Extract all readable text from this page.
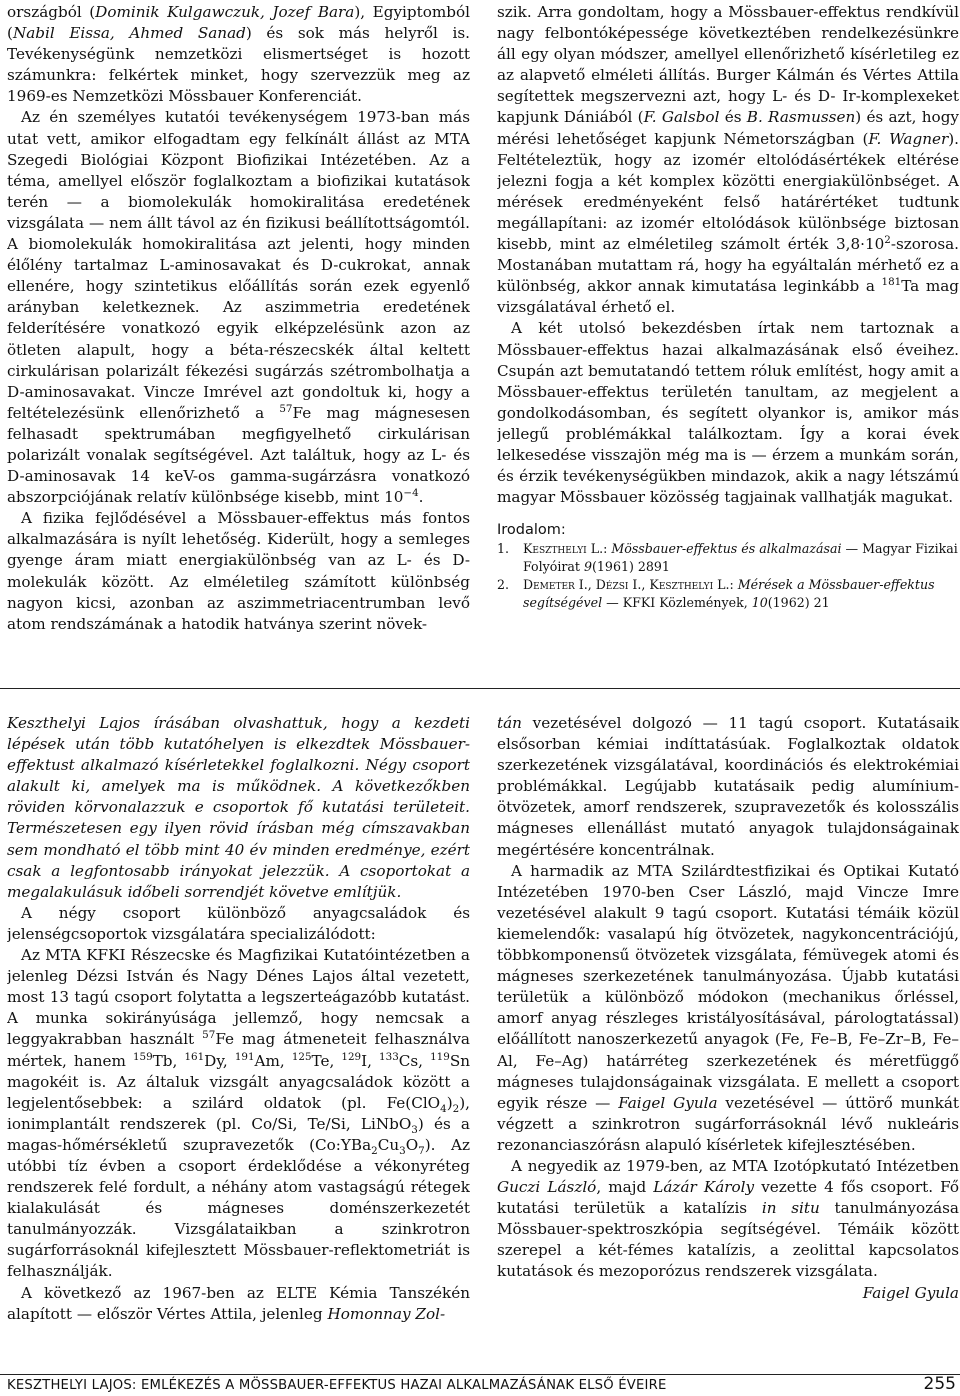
országból (Dominik Kulgawczuk, Jozef Bara), Egyiptomból (Nabil Eissa, Ahmed Sanad) és sok más helyről is. Tevékenységünk nemzetközi elismertséget is hozott számunkra: felkértek minket, hogy szervezzük meg az 1969-es Nemzetközi Mössbauer Konferenciát.

Az én személyes kutatói tevékenységem 1973-ban más utat vett, amikor elfogadtam egy felkínált állást az MTA Szegedi Biológiai Központ Biofizikai Intézetében. Az a téma, amellyel először foglalkoztam a biofizikai kutatások terén — a biomolekulák homokiralitása eredetének vizsgálata — nem állt távol az én fizikusi beállítottságomtól. A biomolekulák homokiralitása azt jelenti, hogy minden élőlény tartalmaz L-aminosavakat és D-cukrokat, annak ellenére, hogy szintetikus előállítás során ezek egyenlő arányban keletkeznek. Az aszimmetria eredetének felderítésére vonatkozó egyik elképzelésünk azon az ötleten alapult, hogy a béta-részecskék által keltett cirkulárisan polarizált fékezési sugárzás szétrombolhatja a D-aminosavakat. Vincze Imrével azt gondoltuk ki, hogy a feltételezésünk ellenőrizhető a $^{57}$Fe mag mágnesesen felhasadt spektrumában megfigyelhető cirkulárisan polarizált vonalak segítségével. Azt találtuk, hogy az L- és D-aminosavak 14 keV-os gamma-sugárzásra vonatkozó abszorpciójának relatív különbsége kisebb, mint $10^{-4}$.

A fizika fejlődésével a Mössbauer-effektus más fontos alkalmazására is nyílt lehetőség. Kiderült, hogy a semleges gyenge áram miatt energiakülönbség van az L- és D-molekulák között. Az elméletileg számított különbség nagyon kicsi, azonban az aszimmetriacentrumban levő atom rendszámának a hatodik hatványa szerint növek-

szik. Arra gondoltam, hogy a Mössbauer-effektus rendkívül nagy felbontóképessége következtében rendelkezésünkre áll egy olyan módszer, amellyel ellenőrizhető kísérletileg ez az alapvető elméleti állítás. Burger Kálmán és Vértes Attila segítettek megszervezni azt, hogy L- és D- Ir-komplexeket kapjunk Dániából (F. Galsbol és B. Rasmussen) és azt, hogy mérési lehetőséget kapjunk Németországban (F. Wagner). Feltételeztük, hogy az izomér eltolódásértékek eltérése jelezni fogja a két komplex közötti energiakülönbséget. A mérések eredményeként felső határértéket tudtunk megállapítani: az izomér eltolódások különbsége biztosan kisebb, mint az elméletileg számolt érték $3,8\cdot 10^2$-szorosa. Mostanában mutattam rá, hogy ha egyáltalán mérhető ez a különbség, akkor annak kimutatása leginkább a $^{181}$Ta mag vizsgálatával érhető el.

A két utolsó bekezdésben írtak nem tartoznak a Mössbauer-effektus hazai alkalmazásának első éveihez. Csupán azt bemutatandó tettem róluk említést, hogy amit a Mössbauer-effektus területén tanultam, az megjelent a gondolkodásomban, és segített olyankor is, amikor más jellegű problémákkal találkoztam. Így a korai évek lelkesedése visszajön még ma is — érzem a munkám során, és érzik tevékenységükben mindazok, akik a nagy létszámú magyar Mössbauer közösség tagjainak vallhatják magukat.

Irodalom:

1. Keszthelyi L.: Mössbauer-effektus és alkalmazásai — Magyar Fizikai Folyóirat 9(1961) 2891

2. Demeter I., Dézsi I., Keszthelyi L.: Mérések a Mössbauer-effektus segítségével — KFKI Közlemények, 10(1962) 21

Keszthelyi Lajos írásában olvashattuk, hogy a kezdeti lépések után több kutatóhelyen is elkezdtek Mössbauer-effektust alkalmazó kísérletekkel foglalkozni. Négy csoport alakult ki, amelyek ma is működnek. A következőkben röviden körvonalazzuk e csoportok fő kutatási területeit. Természetesen egy ilyen rövid írásban még címszavakban sem mondható el több mint 40 év minden eredménye, ezért csak a legfontosabb irányokat jelezzük. A csoportokat a megalakulásuk időbeli sorrendjét követve említjük.

A négy csoport különböző anyagcsaládok és jelenségcsoportok vizsgálatára specializálódott:

Az MTA KFKI Részecske és Magfizikai Kutatóintézetben a jelenleg Dézsi István és Nagy Dénes Lajos által vezetett, most 13 tagú csoport folytatta a legszerteágazóbb kutatást. A munka sokirányúsága jellemző, hogy nemcsak a leggyakrabban használt $^{57}$Fe mag átmeneteit felhasználva mértek, hanem $^{159}$Tb, $^{161}$Dy, $^{191}$Am, $^{125}$Te, $^{129}$I, $^{133}$Cs, $^{119}$Sn magokéit is. Az általuk vizsgált anyagcsaládok között a legjelentősebbek: a szilárd oldatok (pl. $Fe(ClO_4)_2$), ionimplantált rendszerek (pl. Co/Si, Te/Si, LiNbO$_3$) és a magas-hőmérsékletű szupravezetők $(Co:YBa_2Cu_3O_7)$. Az utóbbi tíz évben a csoport érdeklődése a vékonyréteg rendszerek felé fordult, a néhány atom vastagságú rétegek kialakulását és mágneses doménszerkezetét tanulmányozzák. Vizsgálataikban a szinkrotron sugárforrásoknál kifejlesztett Mössbauer-reflektometriát is felhasználják.

A következő az 1967-ben az ELTE Kémia Tanszékén alapított — először Vértes Attila, jelenleg Homonnay Zol-

tán vezetésével dolgozó — 11 tagú csoport. Kutatásaik elsősorban kémiai indíttatásúak. Foglalkoztak oldatok szerkezetének vizsgálatával, koordinációs és elektrokémiai problémákkal. Legújabb kutatásaik pedig alumínium-ötvözetek, amorf rendszerek, szupravezetők és kolosszális mágneses ellenállást mutató anyagok tulajdonságainak megértésére koncentrálnak.

A harmadik az MTA Szilárdtestfizikai és Optikai Kutató Intézetében 1970-ben Cser László, majd Vincze Imre vezetésével alakult 9 tagú csoport. Kutatási témáik közül kiemelendők: vasalapú híg ötvözetek, nagykoncentrációjú, többkomponensű ötvözetek vizsgálata, fémüvegek atomi és mágneses szerkezetének tanulmányozása. Újabb kutatási területük a különböző módokon (mechanikus őrléssel, amorf anyag részleges kristályosításával, párologtatással) előállított nanoszerkezetű anyagok (Fe, Fe–B, Fe–Zr–B, Fe–Al, Fe–Ag) határréteg szerkezetének és méretfüggő mágneses tulajdonságainak vizsgálata. E mellett a csoport egyik része — Faigel Gyula vezetésével — úttörő munkát végzett a szinkrotron sugárforrásoknál lévő nukleáris rezonanciaszórásn alapuló kísérletek kifejlesztésében.

A negyedik az 1979-ben, az MTA Izotópkutató Intézetben Guczi László, majd Lázár Károly vezette 4 fős csoport. Fő kutatási területük a katalízis in situ tanulmányozása Mössbauer-spektroszkópia segítségével. Témáik között szerepel a két-fémes katalízis, a zeolittal kapcsolatos kutatások és mezoporózus rendszerek vizsgálata.

Faigel Gyula

KESZTHELYI LAJOS: EMLÉKEZÉS A MÖSSBAUER-EFFEKTUS HAZAI ALKALMAZÁSÁNAK ELSŐ ÉVEIRE	255
